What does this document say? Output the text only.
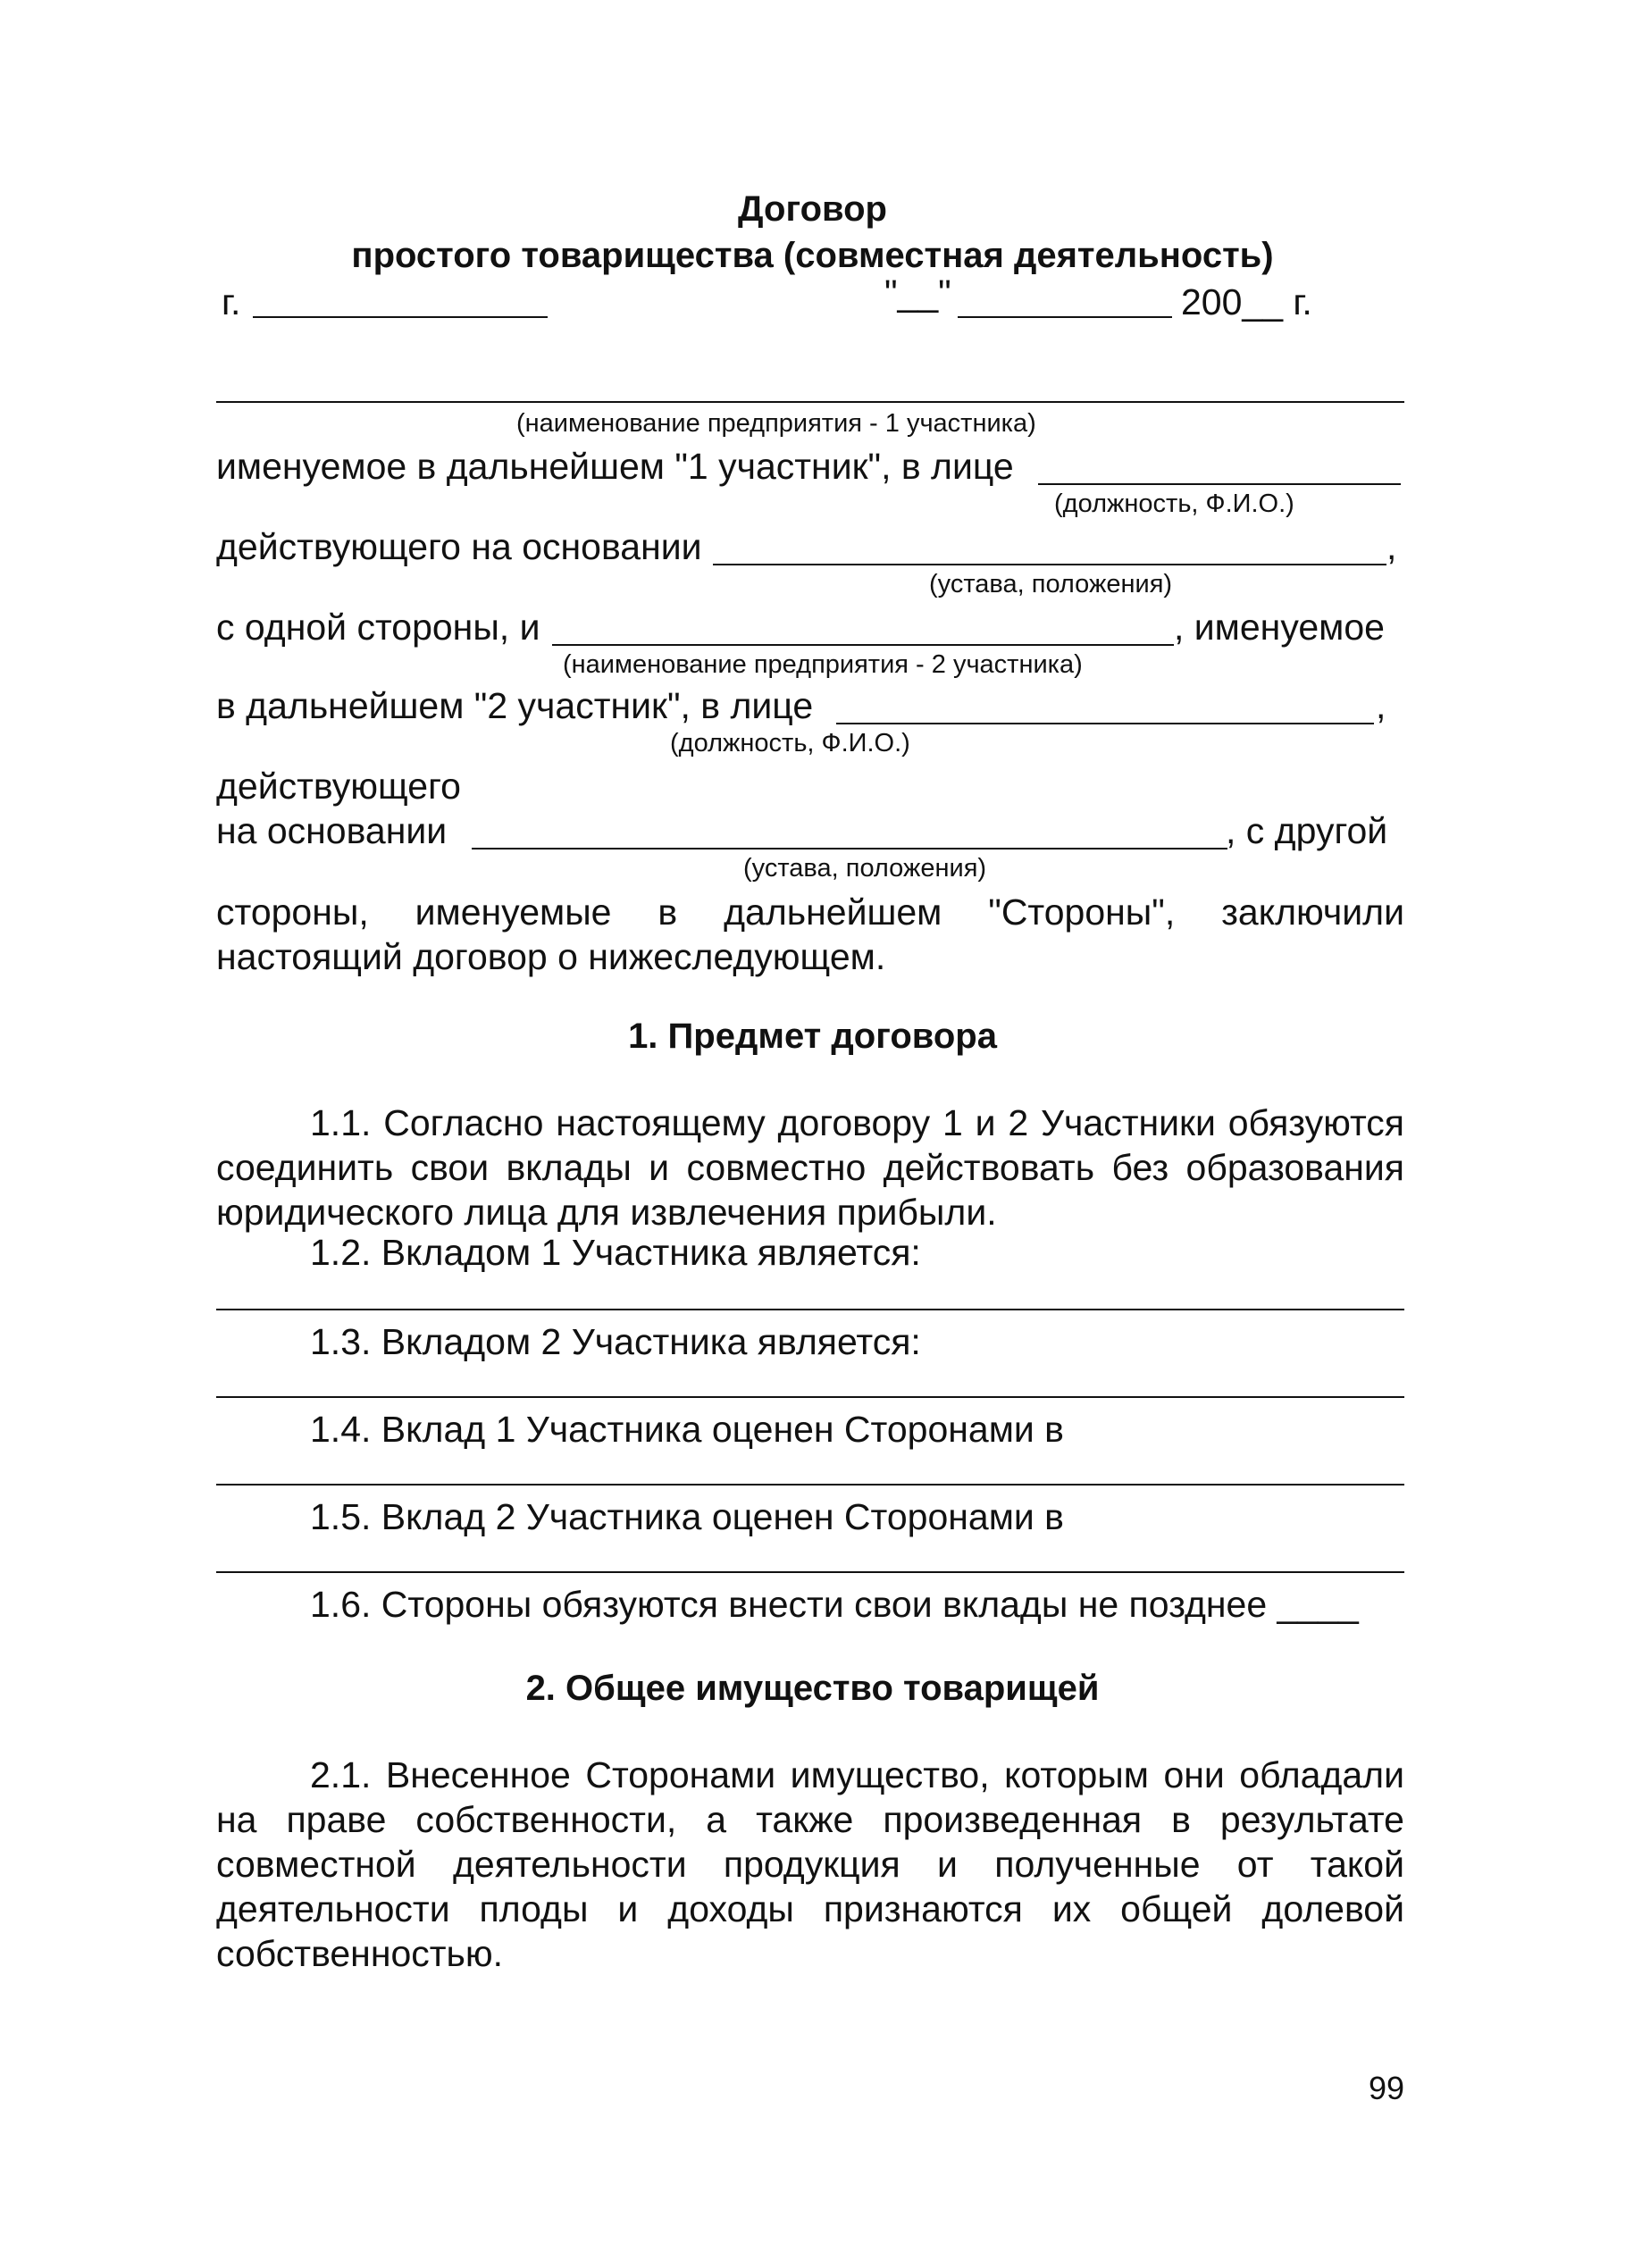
Договор
простого товарищества (совместная деятельность)
г.	"__"	200__ г.
(наименование предприятия - 1 участника)
именуемое в дальнейшем "1 участник", в лице
(должность, Ф.И.О.)
действующего на основании	,
(устава, положения)
с одной стороны, и	, именуемое
(наименование предприятия - 2 участника)
в дальнейшем "2 участник", в лице	,
(должность, Ф.И.О.)
действующего
на основании	, с другой
(устава, положения)
стороны, именуемые в дальнейшем "Стороны", заключили настоящий договор о нижеследующем.
1. Предмет договора
1.1. Согласно настоящему договору 1 и 2 Участники обязуются соединить свои вклады и совместно действовать без образования юридического лица для извлечения прибыли.
1.2. Вкладом 1 Участника является:
1.3. Вкладом 2 Участника является:
1.4. Вклад 1 Участника оценен Сторонами в
1.5. Вклад 2 Участника оценен Сторонами в
1.6. Стороны обязуются внести свои вклады не позднее ____
2. Общее имущество товарищей
2.1. Внесенное Сторонами имущество, которым они обладали на праве собственности, а также произведенная в результате совместной деятельности продукция и полученные от такой деятельности плоды и доходы признаются их общей долевой собственностью.
99
